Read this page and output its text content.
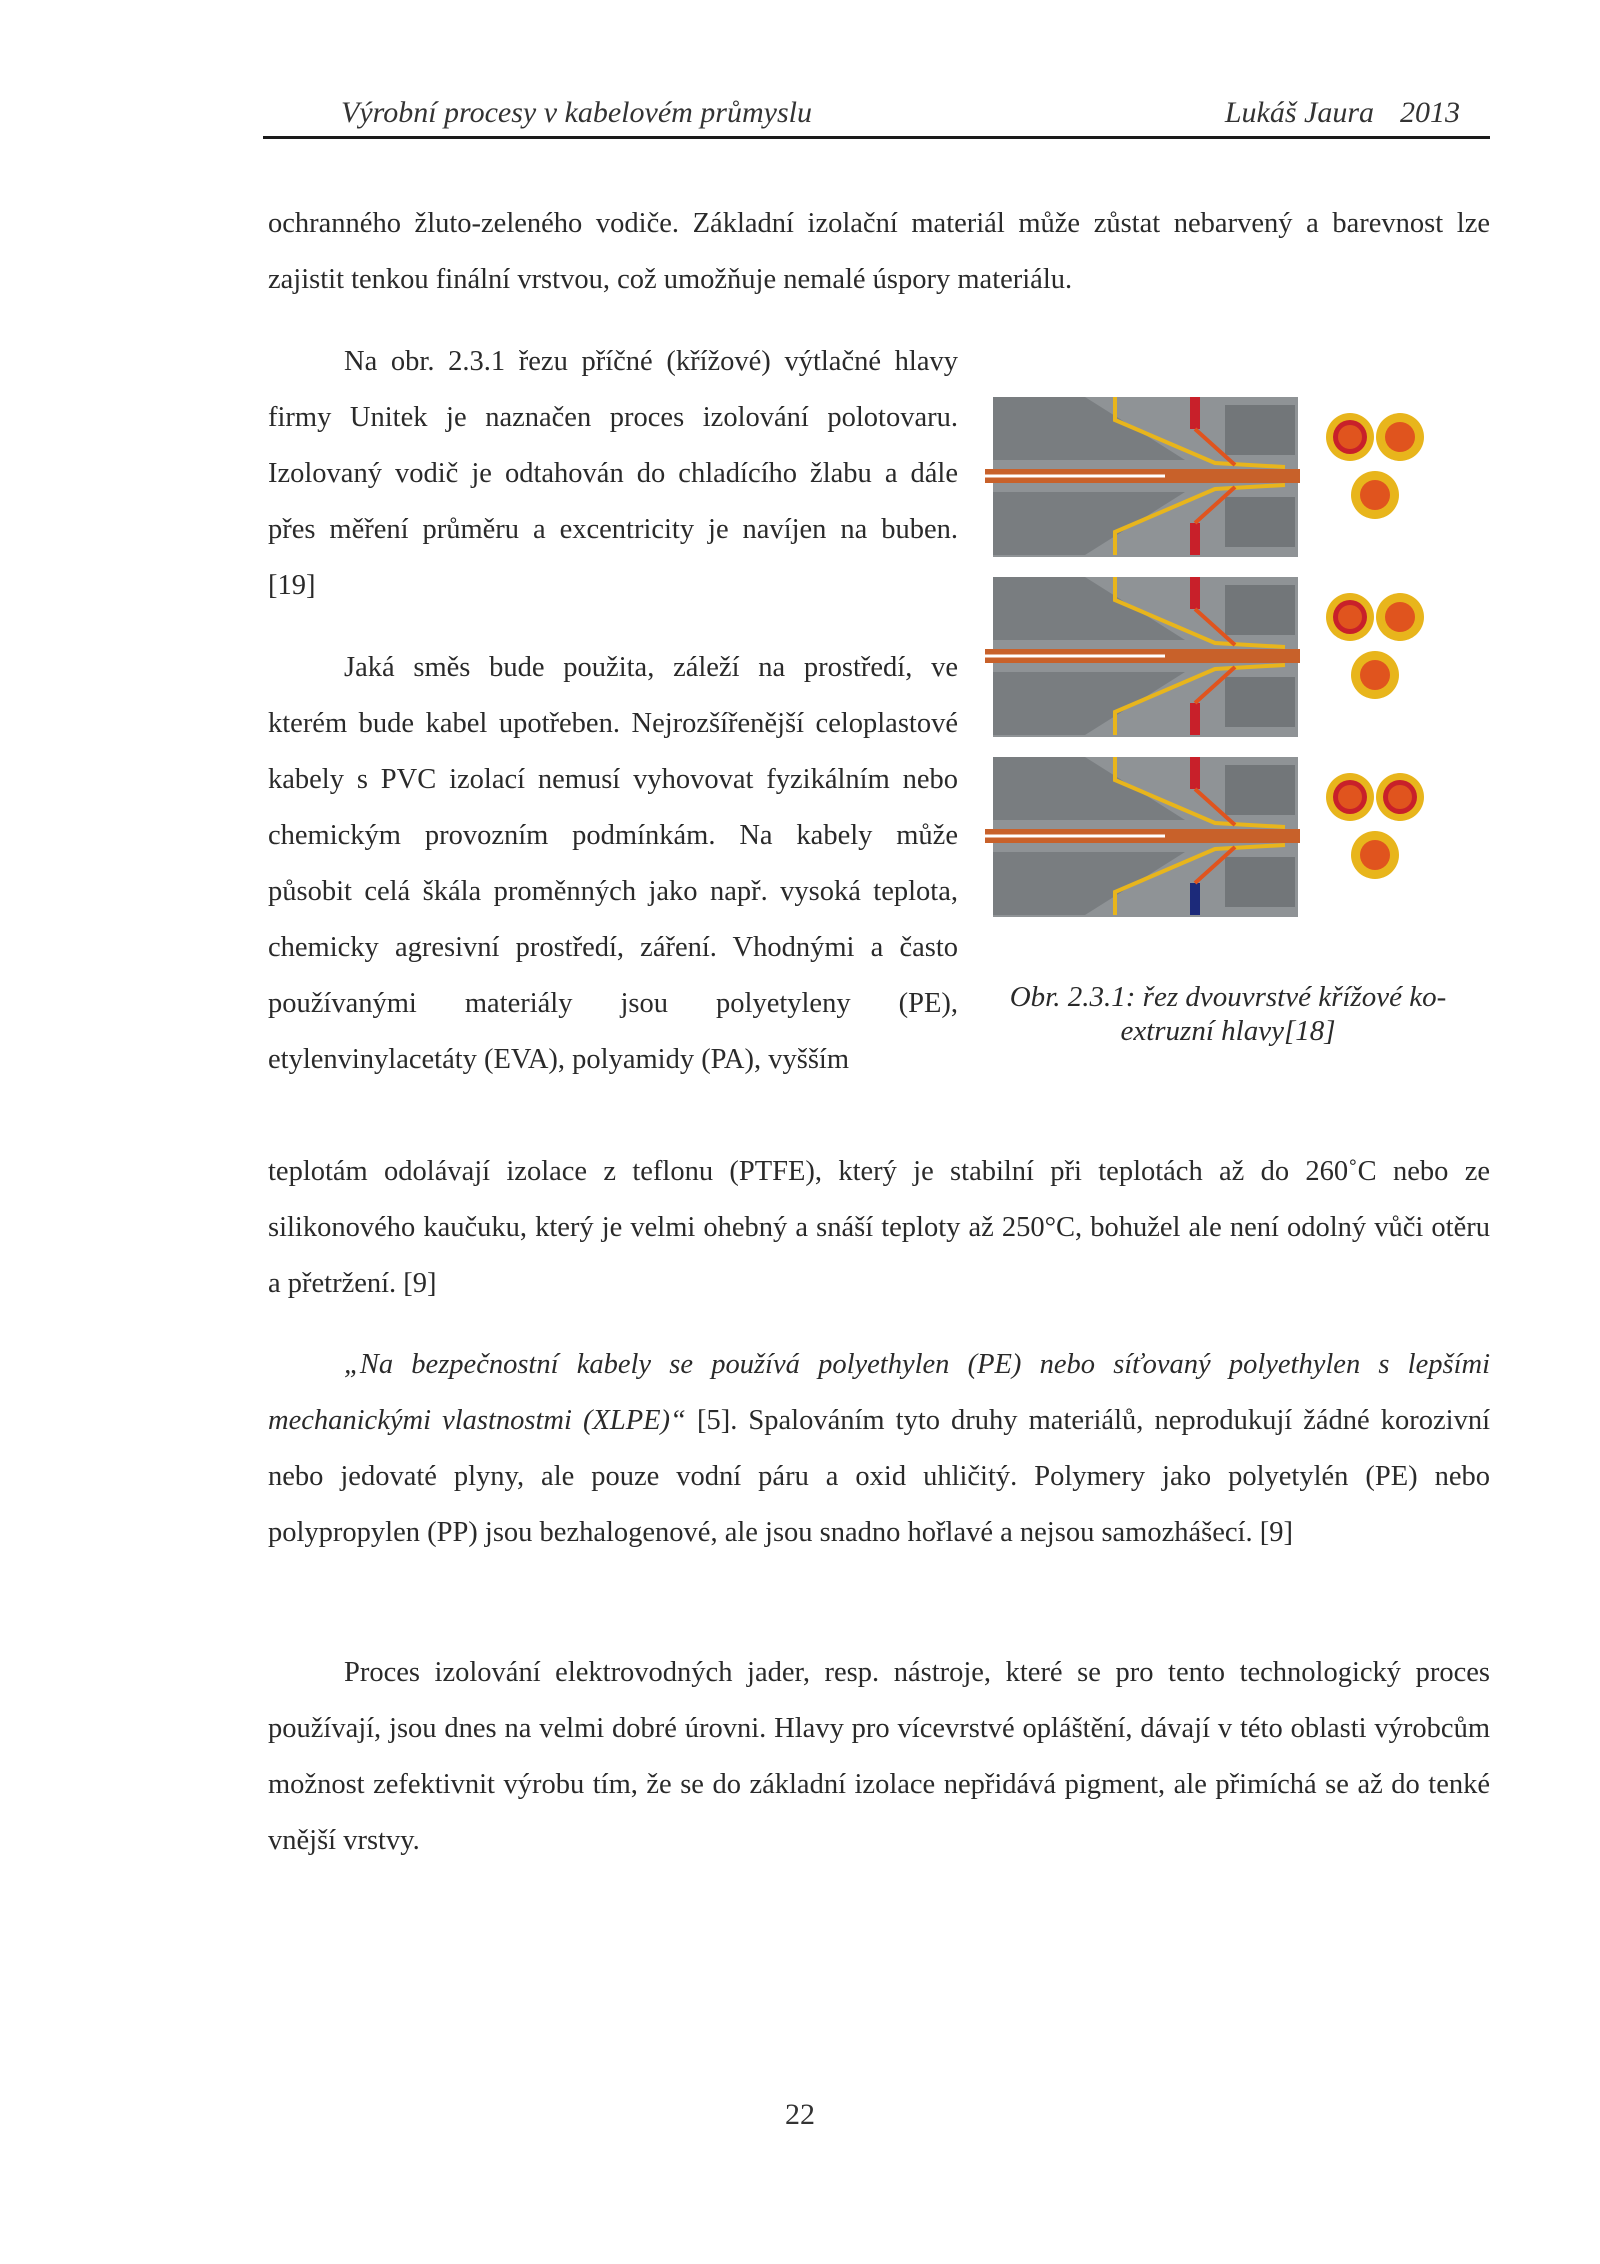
Výrobní procesy v kabelovém průmyslu	Lukáš Jaura 2013

ochranného žluto-zeleného vodiče. Základní izolační materiál může zůstat nebarvený a barevnost lze zajistit tenkou finální vrstvou, což umožňuje nemalé úspory materiálu.

Na obr. 2.3.1 řezu příčné (křížové) výtlačné hlavy firmy Unitek je naznačen proces izolování polotovaru. Izolovaný vodič je odtahován do chladícího žlabu a dále přes měření průměru a excentricity je navíjen na buben. [19]

Jaká směs bude použita, záleží na prostředí, ve kterém bude kabel upotřeben. Nejrozšířenější celoplastové kabely s PVC izolací nemusí vyhovovat fyzikálním nebo chemickým provozním podmínkám. Na kabely může působit celá škála proměnných jako např. vysoká teplota, chemicky agresivní prostředí, záření. Vhodnými a často používanými materiály jsou polyetyleny (PE), etylenvinylacetáty (EVA), polyamidy (PA), vyšším

teplotám odolávají izolace z teflonu (PTFE), který je stabilní při teplotách až do 260˚C nebo ze silikonového kaučuku, který je velmi ohebný a snáší teploty až 250°C, bohužel ale není odolný vůči otěru a přetržení. [9]

„Na bezpečnostní kabely se používá polyethylen (PE) nebo síťovaný polyethylen s lepšími mechanickými vlastnostmi (XLPE)“ [5]. Spalováním tyto druhy materiálů, neprodukují žádné korozivní nebo jedovaté plyny, ale pouze vodní páru a oxid uhličitý. Polymery jako polyetylén (PE) nebo polypropylen (PP) jsou bezhalogenové, ale jsou snadno hořlavé a nejsou samozhášecí. [9]

Proces izolování elektrovodných jader, resp. nástroje, které se pro tento technologický proces používají, jsou dnes na velmi dobré úrovni. Hlavy pro vícevrstvé opláštění, dávají v této oblasti výrobcům možnost zefektivnit výrobu tím, že se do základní izolace nepřidává pigment, ale přimíchá se až do tenké vnější vrstvy.

Obr. 2.3.1: řez dvouvrstvé křížové ko-extruzní hlavy[18]
22
